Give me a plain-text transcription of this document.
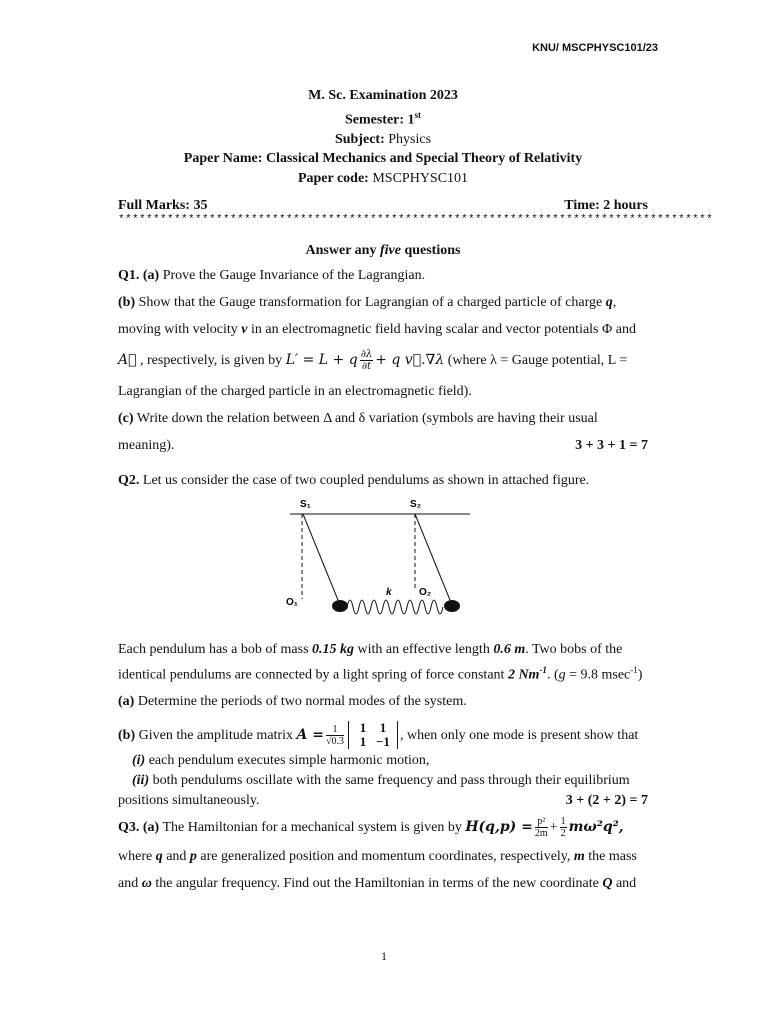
KNU/ MSCPHYSC101/23
M. Sc. Examination 2023
Semester: 1st
Subject: Physics
Paper Name: Classical Mechanics and Special Theory of Relativity
Paper code: MSCPHYSC101
Full Marks: 35	Time: 2 hours
*************************************************************************************
Answer any five questions
Q1. (a) Prove the Gauge Invariance of the Lagrangian.
(b) Show that the Gauge transformation for Lagrangian of a charged particle of charge q,
moving with velocity v in an electromagnetic field having scalar and vector potentials Φ and
A⃗ , respectively, is given by L′ = L + q $\frac{\partial\lambda}{\partial t} + q$ v⃗.∇λ (where λ = Gauge potential, L =
Lagrangian of the charged particle in an electromagnetic field).
(c) Write down the relation between Δ and δ variation (symbols are having their usual
meaning).	3 + 3 + 1 = 7
Q2. Let us consider the case of two coupled pendulums as shown in attached figure.
S₁	S₂
O₁
O₂
k
Each pendulum has a bob of mass 0.15 kg with an effective length 0.6 m. Two bobs of the
identical pendulums are connected by a light spring of force constant 2 $Nm^{-1}$. (g = 9.8 msec$^{-1}$)
(a) Determine the periods of two normal modes of the system.
(b) Given the amplitude matrix $A = \frac{1}{√0.3} 1$ 1
1 −1 , when only one mode is present show that
(i) each pendulum executes simple harmonic motion,
(ii) both pendulums oscillate with the same frequency and pass through their equilibrium
positions simultaneously.	3 + (2 + 2) = 7
Q3. (a) The Hamiltonian for a mechanical system is given by $H(q,p) = \frac{\text{p²}}{2m} + \frac{1}{2} m\omega^2q^2$,
where q and p are generalized position and momentum coordinates, respectively, m the mass
and ω the angular frequency. Find out the Hamiltonian in terms of the new coordinate Q and
1
